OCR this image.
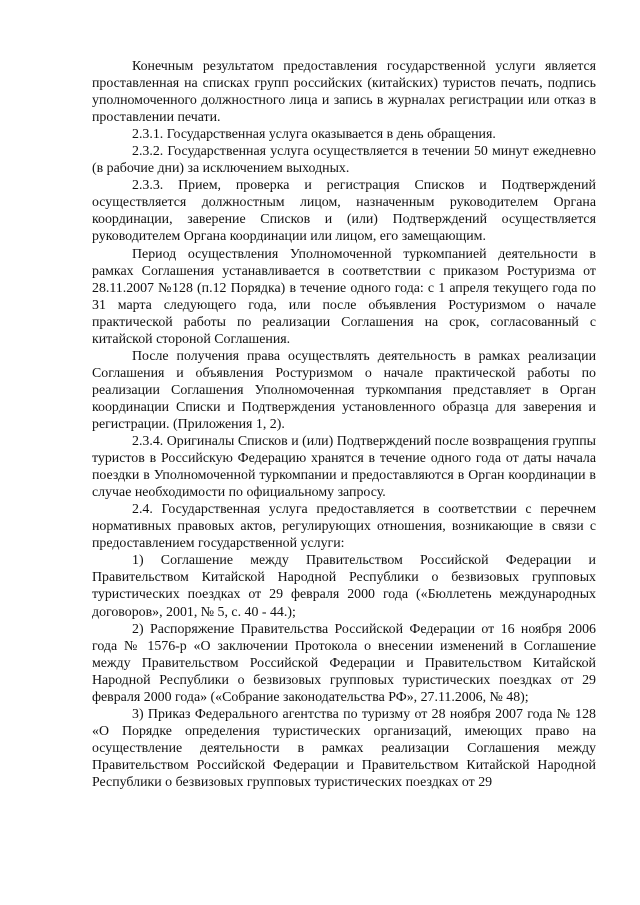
Конечным результатом предоставления государственной услуги является проставленная на списках групп российских (китайских) туристов печать, подпись уполномоченного должностного лица и запись в журналах регистрации или отказ в проставлении печати.

2.3.1. Государственная услуга оказывается в день обращения.

2.3.2. Государственная услуга осуществляется в течении 50 минут ежедневно (в рабочие дни) за исключением выходных.

2.3.3. Прием, проверка и регистрация Списков и Подтверждений осуществляется должностным лицом, назначенным руководителем Органа координации, заверение Списков и (или) Подтверждений осуществляется руководителем Органа координации или лицом, его замещающим.

Период осуществления Уполномоченной туркомпанией деятельности в рамках Соглашения устанавливается в соответствии с приказом Ростуризма от 28.11.2007 №128 (п.12 Порядка) в течение одного года: с 1 апреля текущего года по 31 марта следующего года, или после объявления Ростуризмом о начале практической работы по реализации Соглашения на срок, согласованный с китайской стороной Соглашения.

После получения права осуществлять деятельность в рамках реализации Соглашения и объявления Ростуризмом о начале практической работы по реализации Соглашения Уполномоченная туркомпания представляет в Орган координации Списки и Подтверждения установленного образца для заверения и регистрации. (Приложения 1, 2).

2.3.4. Оригиналы Списков и (или) Подтверждений после возвращения группы туристов в Российскую Федерацию хранятся в течение одного года от даты начала поездки в Уполномоченной туркомпании и предоставляются в Орган координации в случае необходимости по официальному запросу.

2.4. Государственная услуга предоставляется в соответствии с перечнем нормативных правовых актов, регулирующих отношения, возникающие в связи с предоставлением государственной услуги:

1) Соглашение между Правительством Российской Федерации и Правительством Китайской Народной Республики о безвизовых групповых туристических поездках от 29 февраля 2000 года («Бюллетень международных договоров», 2001, № 5, с. 40 - 44.);

2) Распоряжение Правительства Российской Федерации от 16 ноября 2006 года № 1576-р «О заключении Протокола о внесении изменений в Соглашение между Правительством Российской Федерации и Правительством Китайской Народной Республики о безвизовых групповых туристических поездках от 29 февраля 2000 года» («Собрание законодательства РФ», 27.11.2006, № 48);

3) Приказ Федерального агентства по туризму от 28 ноября 2007 года № 128 «О Порядке определения туристических организаций, имеющих право на осуществление деятельности в рамках реализации Соглашения между Правительством Российской Федерации и Правительством Китайской Народной Республики о безвизовых групповых туристических поездках от 29
